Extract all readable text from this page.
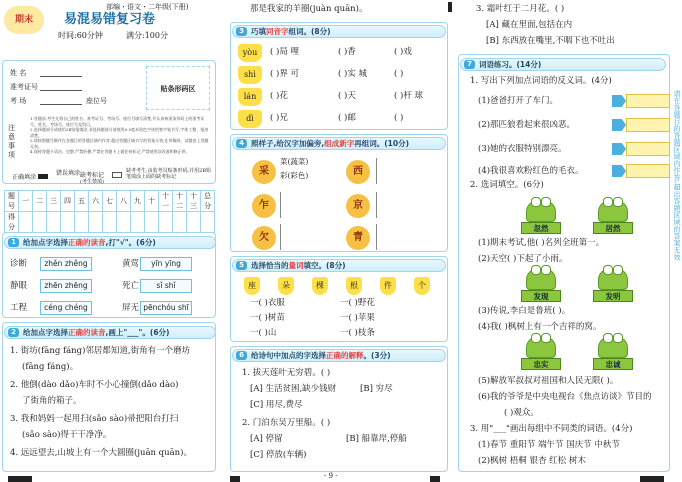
期末
部编・语文・二年级(下册)
易混易错复习卷
时间:60分钟	满分:100分
姓 名
准考证号
考 场	座位号
贴条形码区
注意事项
1.答题前,考生先将自己的姓名、准考证号、考场号、座位号填写清楚,并认真核准条形码上的准考证号、姓名、考场号、座位号及科目。
2.选择题部分请使用2B铅笔填涂;非选择题部分请使用0.5毫米黑色字迹的签字笔书写,字体工整、笔迹清楚。
3.请按照题号顺序在各题目的答题区域内作答,超出答题区域书写的答案无效;在草稿纸、试题卷上答题无效。
4.保持答题卡清洁、完整,严禁折叠,严禁在答题卡上做任何标记,严禁使用涂改液和修正带。
正确填涂
错误填涂 缺考标记
(考生禁填)
缺考考生,由监考员贴条形码,并用2B铅笔填涂上面的缺考标记
题号	一	二	三	四	五	六	七	八	九	十	十一	十二	十三	总分
得分														
1 给加点字选择 正确的读音 ,打"√"。(6分)
诊断	zhěn zhěng	黄莺	yīn yīng
静眼	zhēn zhēng	死亡	sǐ shǐ
工程	céng chéng	屏无 pēnchóu shī
2 给加点字选择 正确的读音 ,画上"___"。(6分)
1. 街坊(fāng fáng)邻居都知道,街角有一个磨坊
(fāng fáng)。
2. 他倒(dào dǎo)车时不小心撞倒(dǎo dào)
了街角的箱子。
3. 我和妈妈一起用扫(sǎo sào)帚把阳台打扫
(sǎo sào)得干干净净。
4. 远远望去,山坡上有一个大圆圈(juān quān)。
那是我家的羊圈(juàn quān)。
3 巧填 同音字 组词。(8分)
yòu	( )局 哩	( )香	( )戏
shì	( )界 可	( )实 城	( )
lán	( )花	( )天	( )杆 球
dì	( )兄	( )邮	( )
4 照样子,给汉字加偏旁, 组成新字 再组词。(10分)
采
菜(蔬菜)
彩(彩色)	西
乍	京
欠	青
5 选择恰当的 量词 填空。(8分)
座	朵	棵	根	件	个
一( )衣服	一( )野花
一( )树苗	一( )苹果
一( )山	一( )枝条
6 给诗句中加点的字选择 正确的解释 。(3分)
1. 拔天莲叶无穷碧。( )
[A] 生活贫困,缺少钱财	[B] 穷尽
[C] 用尽,费尽
2. 门泊东吴万里船。( )
[A] 停留	[B] 船靠岸,停船
[C] 停放(车辆)
- 9 -
3. 霜叶红于二月花。( )
[A] 藏在里面,包括在内
[B] 东西放在嘴里,不咽下也不吐出
7 词语练习。(14分)
1. 写出下列加点词语的反义词。(4分)
(1)爸爸打开了车门。
(2)那匹狼看起来很凶恶。
(3)她的衣服特别漂亮。
(4)我很喜欢粉红色的毛衣。
2. 选词填空。(6分)
忽然	居然
(1)期末考试,他( )名列全班第一。
(2)天空( )下起了小雨。
发现	发明
(3)传说,李白是鲁班( )。
(4)我( )枫树上有一个吉祥的窝。
忠实	忠诚
(5)解放军叔叔对祖国和人民无限( )。
(6)我的爷爷是中央电视台《焦点访谈》节目的
( )观众。
3. 用"___"画出每组中不同类的词语。(4分)
(1)春节 重阳节 端午节 国庆节 中秋节
(2)枫树 梧桐 银杏 红松 树木
请在各题目的答题区域内作答,超出答题区域的答案无效
